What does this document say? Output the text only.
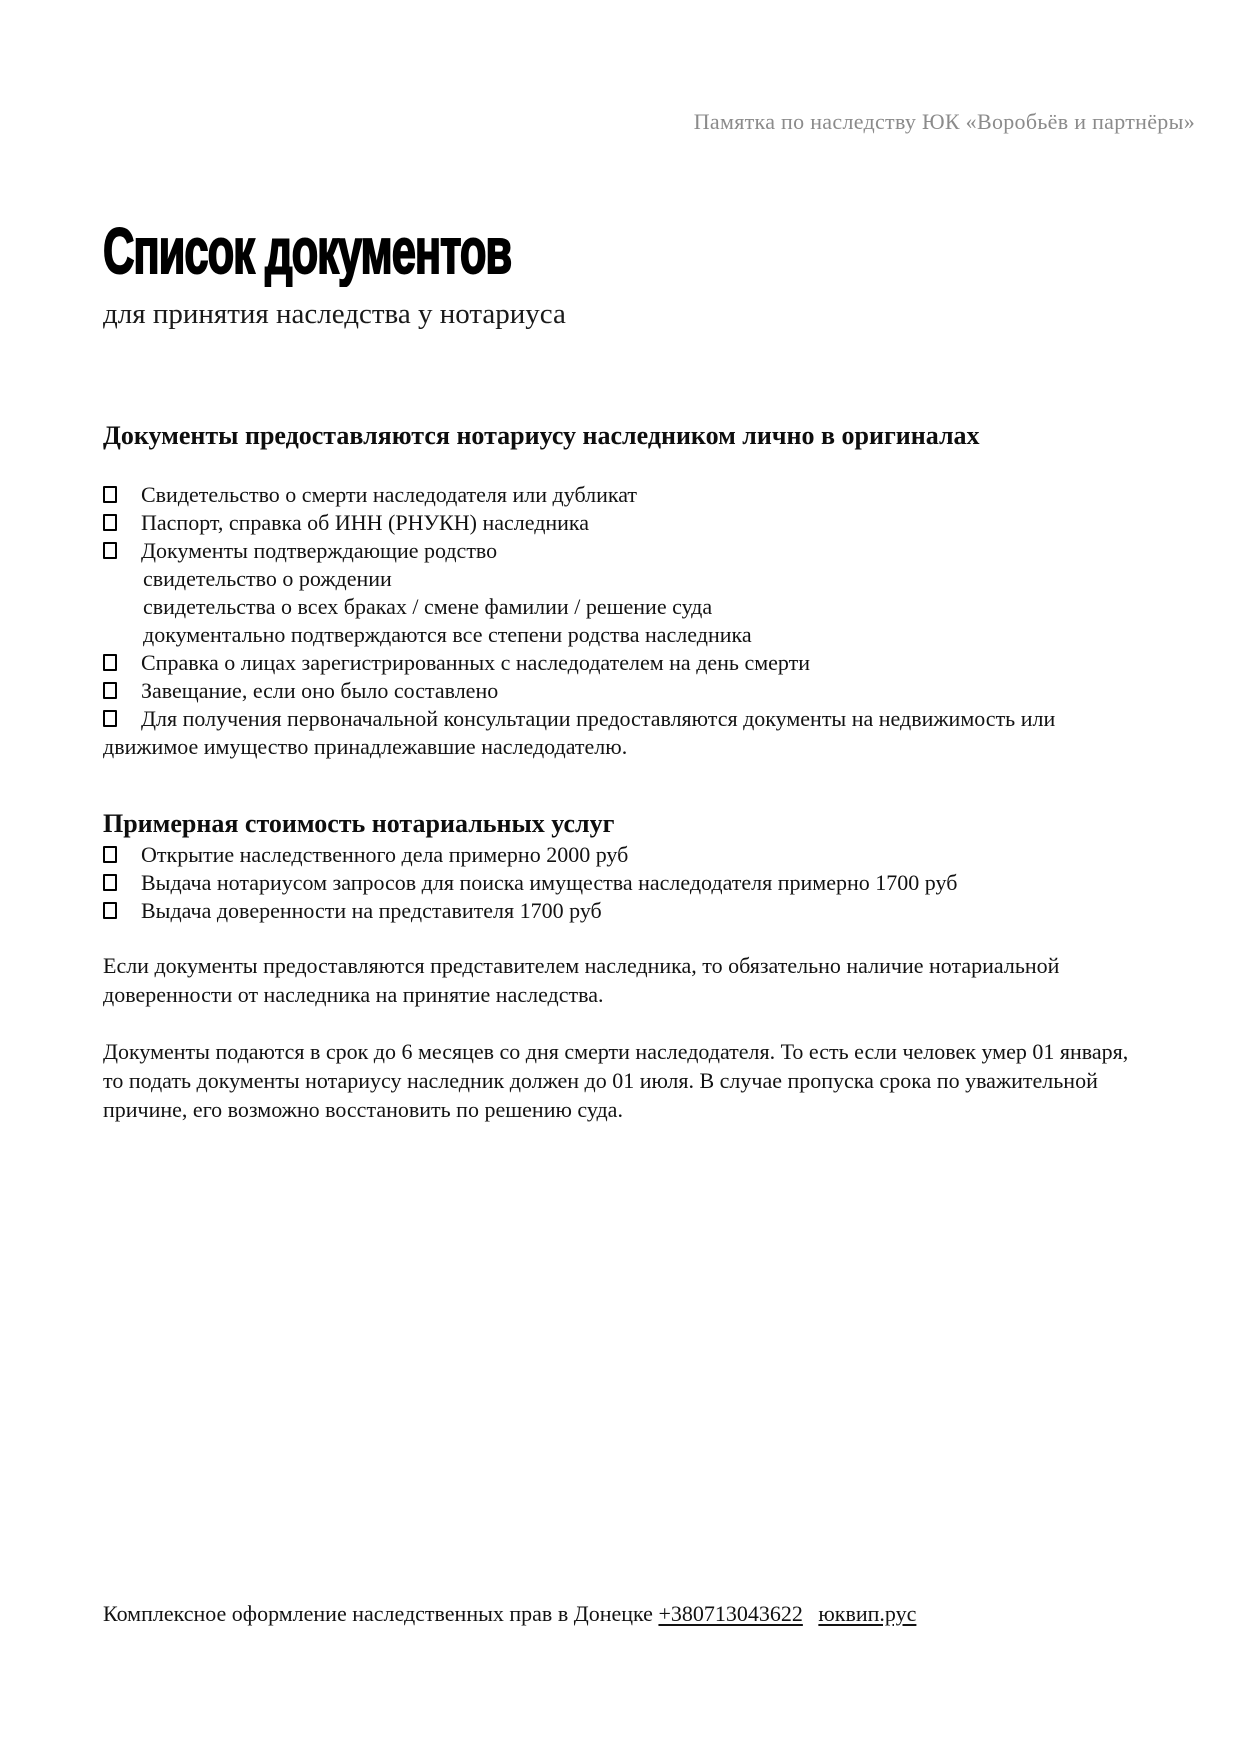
Памятка по наследству ЮК «Воробьёв и партнёры»
Список документов
для принятия наследства у нотариуса
Документы предоставляются нотариусу наследником лично в оригиналах
Свидетельство о смерти наследодателя или дубликат
Паспорт, справка об ИНН (РНУКН) наследника
Документы подтверждающие родство
свидетельство о рождении
свидетельства о всех браках / смене фамилии / решение суда
документально подтверждаются все степени родства наследника
Справка о лицах зарегистрированных с наследодателем на день смерти
Завещание, если оно было составлено
Для получения первоначальной консультации предоставляются документы на недвижимость или движимое имущество принадлежавшие наследодателю.
Примерная стоимость нотариальных услуг
Открытие наследственного дела примерно 2000 руб
Выдача нотариусом запросов для поиска имущества наследодателя примерно 1700 руб
Выдача доверенности на представителя 1700 руб

Если документы предоставляются представителем наследника, то обязательно наличие нотариальной доверенности от наследника на принятие наследства.

Документы подаются в срок до 6 месяцев со дня смерти наследодателя. То есть если человек умер 01 января, то подать документы нотариусу наследник должен до 01 июля. В случае пропуска срока по уважительной причине, его возможно восстановить по решению суда.

Комплексное оформление наследственных прав в Донецке +380713043622 юквип.рус
